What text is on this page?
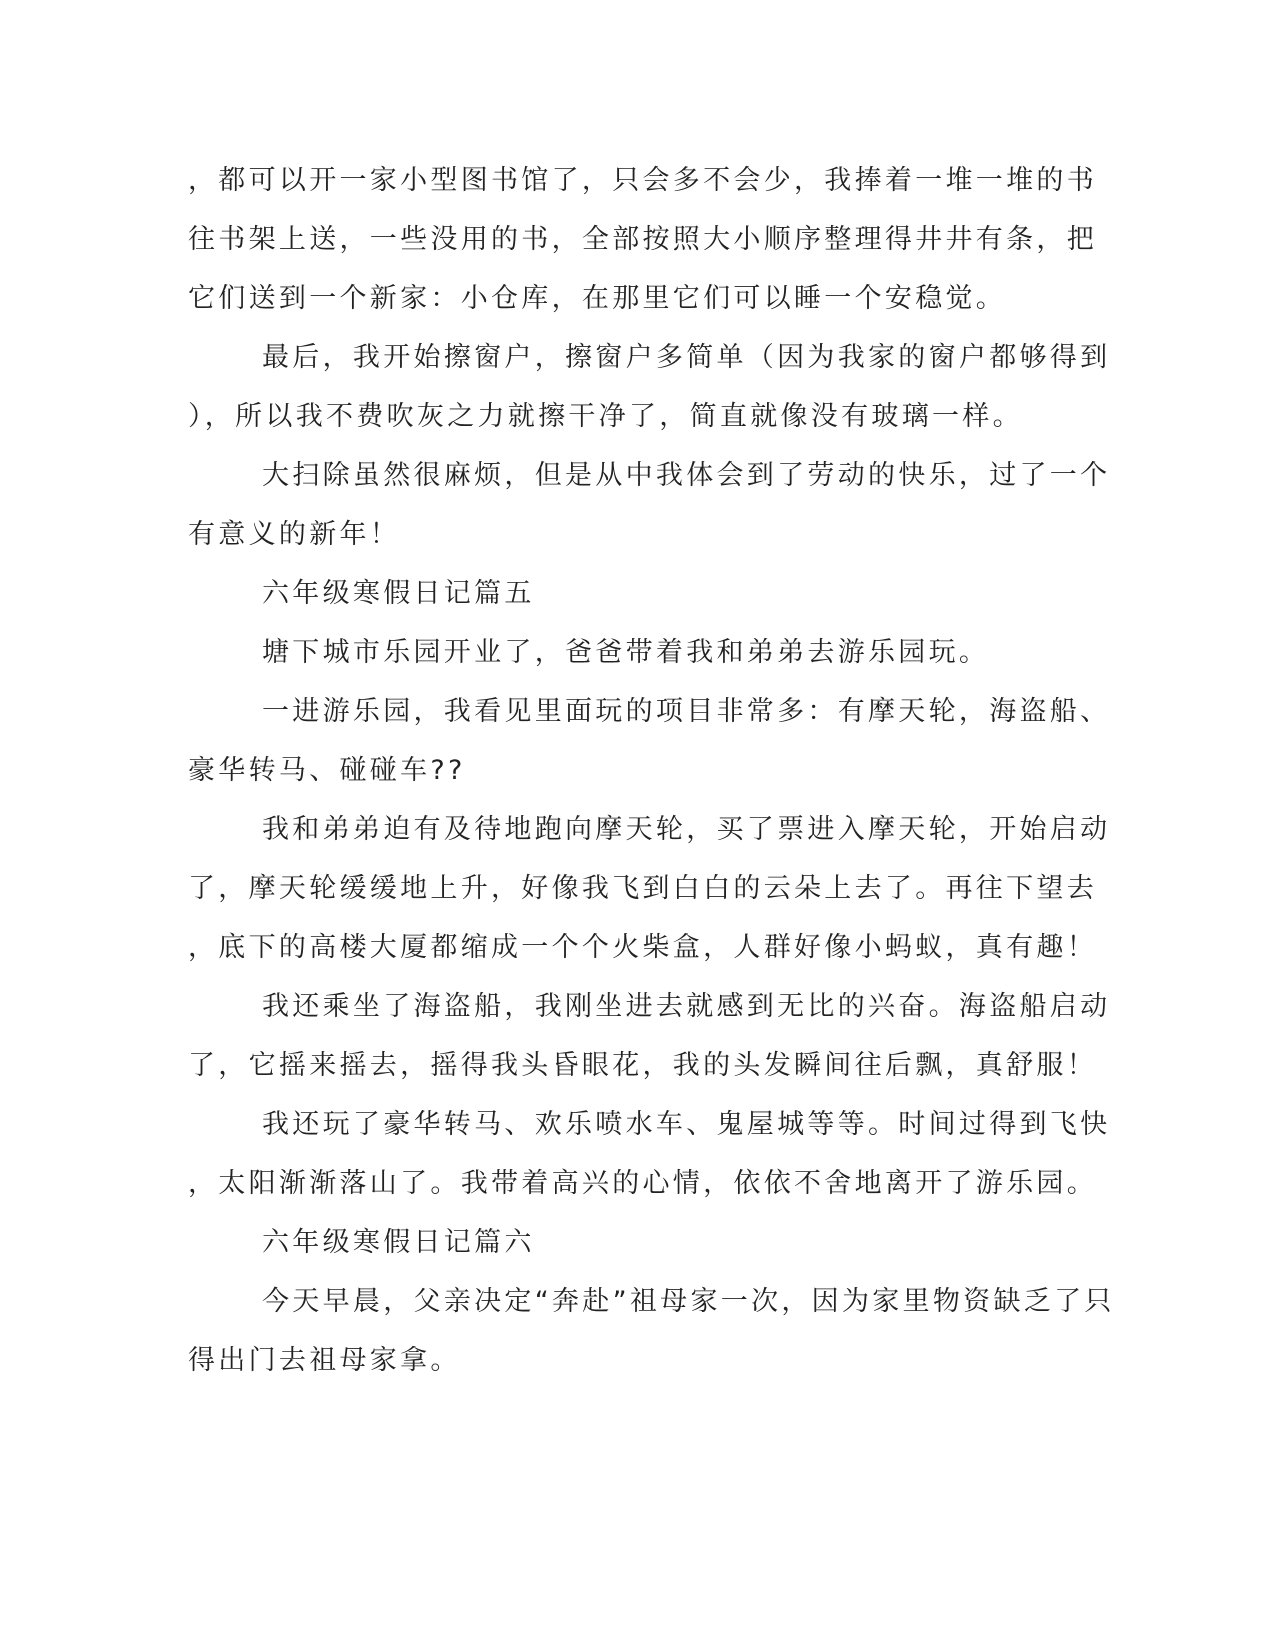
，都可以开一家小型图书馆了，只会多不会少，我捧着一堆一堆的书
往书架上送，一些没用的书，全部按照大小顺序整理得井井有条，把
它们送到一个新家：小仓库，在那里它们可以睡一个安稳觉。
最后，我开始擦窗户，擦窗户多简单（因为我家的窗户都够得到
），所以我不费吹灰之力就擦干净了，简直就像没有玻璃一样。
大扫除虽然很麻烦，但是从中我体会到了劳动的快乐，过了一个
有意义的新年！
六年级寒假日记篇五
塘下城市乐园开业了，爸爸带着我和弟弟去游乐园玩。
一进游乐园，我看见里面玩的项目非常多：有摩天轮，海盗船、
豪华转马、碰碰车??
我和弟弟迫有及待地跑向摩天轮，买了票进入摩天轮，开始启动
了，摩天轮缓缓地上升，好像我飞到白白的云朵上去了。再往下望去
，底下的高楼大厦都缩成一个个火柴盒，人群好像小蚂蚁，真有趣！
我还乘坐了海盗船，我刚坐进去就感到无比的兴奋。海盗船启动
了，它摇来摇去，摇得我头昏眼花，我的头发瞬间往后飘，真舒服！
我还玩了豪华转马、欢乐喷水车、鬼屋城等等。时间过得到飞快
，太阳渐渐落山了。我带着高兴的心情，依依不舍地离开了游乐园。
六年级寒假日记篇六
今天早晨，父亲决定“奔赴”祖母家一次，因为家里物资缺乏了只
得出门去祖母家拿。
